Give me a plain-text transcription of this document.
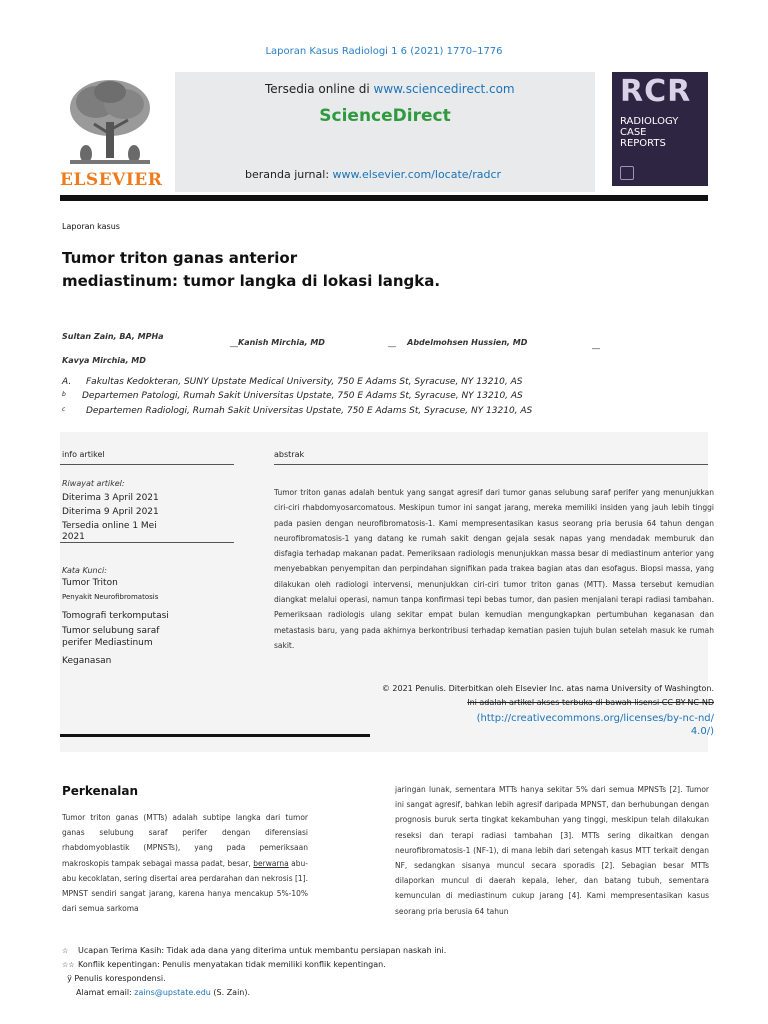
Laporan Kasus Radiologi 1 6 (2021) 1770–1776
ELSEVIER
Tersedia online di www.sciencedirect.com
ScienceDirect
beranda jurnal: www.elsevier.com/locate/radcr
RCR
RADIOLOGY
CASE
REPORTS
Laporan kasus
Tumor triton ganas anterior
mediastinum: tumor langka di lokasi langka.
Sultan Zain, BA, MPHa
__Kanish Mirchia, MD	__ Abdelmohsen Hussien, MD	__
Kavya Mirchia, MD
A. Fakultas Kedokteran, SUNY Upstate Medical University, 750 E Adams St, Syracuse, NY 13210, AS
b Departemen Patologi, Rumah Sakit Universitas Upstate, 750 E Adams St, Syracuse, NY 13210, AS
c Departemen Radiologi, Rumah Sakit Universitas Upstate, 750 E Adams St, Syracuse, NY 13210, AS
info artikel
Riwayat artikel:
Diterima 3 April 2021
Diterima 9 April 2021
Tersedia online 1 Mei
2021
Kata Kunci:
Tumor Triton
Penyakit Neurofibromatosis
Tomografi terkomputasi
Tumor selubung saraf
perifer Mediastinum
Keganasan
abstrak
Tumor triton ganas adalah bentuk yang sangat agresif dari tumor ganas selubung saraf perifer yang menunjukkan ciri-ciri rhabdomyosarcomatous. Meskipun tumor ini sangat jarang, mereka memiliki insiden yang jauh lebih tinggi pada pasien dengan neurofibromatosis-1. Kami mempresentasikan kasus seorang pria berusia 64 tahun dengan neurofibromatosis-1 yang datang ke rumah sakit dengan gejala sesak napas yang mendadak memburuk dan disfagia terhadap makanan padat. Pemeriksaan radiologis menunjukkan massa besar di mediastinum anterior yang menyebabkan penyempitan dan perpindahan signifikan pada trakea bagian atas dan esofagus. Biopsi massa, yang dilakukan oleh radiologi intervensi, menunjukkan ciri-ciri tumor triton ganas (MTT). Massa tersebut kemudian diangkat melalui operasi, namun tanpa konfirmasi tepi bebas tumor, dan pasien menjalani terapi radiasi tambahan. Pemeriksaan radiologis ulang sekitar empat bulan kemudian mengungkapkan pertumbuhan keganasan dan metastasis baru, yang pada akhirnya berkontribusi terhadap kematian pasien tujuh bulan setelah masuk ke rumah sakit.
© 2021 Penulis. Diterbitkan oleh Elsevier Inc. atas nama University of Washington.
Ini adalah artikel akses terbuka di bawah lisensi CC BY-NC-ND
(http://creativecommons.org/licenses/by-nc-nd/
4.0/)
Perkenalan
Tumor triton ganas (MTTs) adalah subtipe langka dari tumor ganas selubung saraf perifer dengan diferensiasi rhabdomyoblastik (MPNSTs), yang pada pemeriksaan makroskopis tampak sebagai massa padat, besar, berwarna abu-abu kecoklatan, sering disertai area perdarahan dan nekrosis [1]. MPNST sendiri sangat jarang, karena hanya mencakup 5%-10% dari semua sarkoma
jaringan lunak, sementara MTTs hanya sekitar 5% dari semua MPNSTs [2]. Tumor ini sangat agresif, bahkan lebih agresif daripada MPNST, dan berhubungan dengan prognosis buruk serta tingkat kekambuhan yang tinggi, meskipun telah dilakukan reseksi dan terapi radiasi tambahan [3]. MTTs sering dikaitkan dengan neurofibromatosis-1 (NF-1), di mana lebih dari setengah kasus MTT terkait dengan NF, sedangkan sisanya muncul secara sporadis [2]. Sebagian besar MTTs dilaporkan muncul di daerah kepala, leher, dan batang tubuh, sementara kemunculan di mediastinum cukup jarang [4]. Kami mempresentasikan kasus seorang pria berusia 64 tahun
☆ Ucapan Terima Kasih: Tidak ada dana yang diterima untuk membantu persiapan naskah ini.
☆☆ Konflik kepentingan: Penulis menyatakan tidak memiliki konflik kepentingan.
ÿ Penulis korespondensi.
Alamat email: zains@upstate.edu (S. Zain).
